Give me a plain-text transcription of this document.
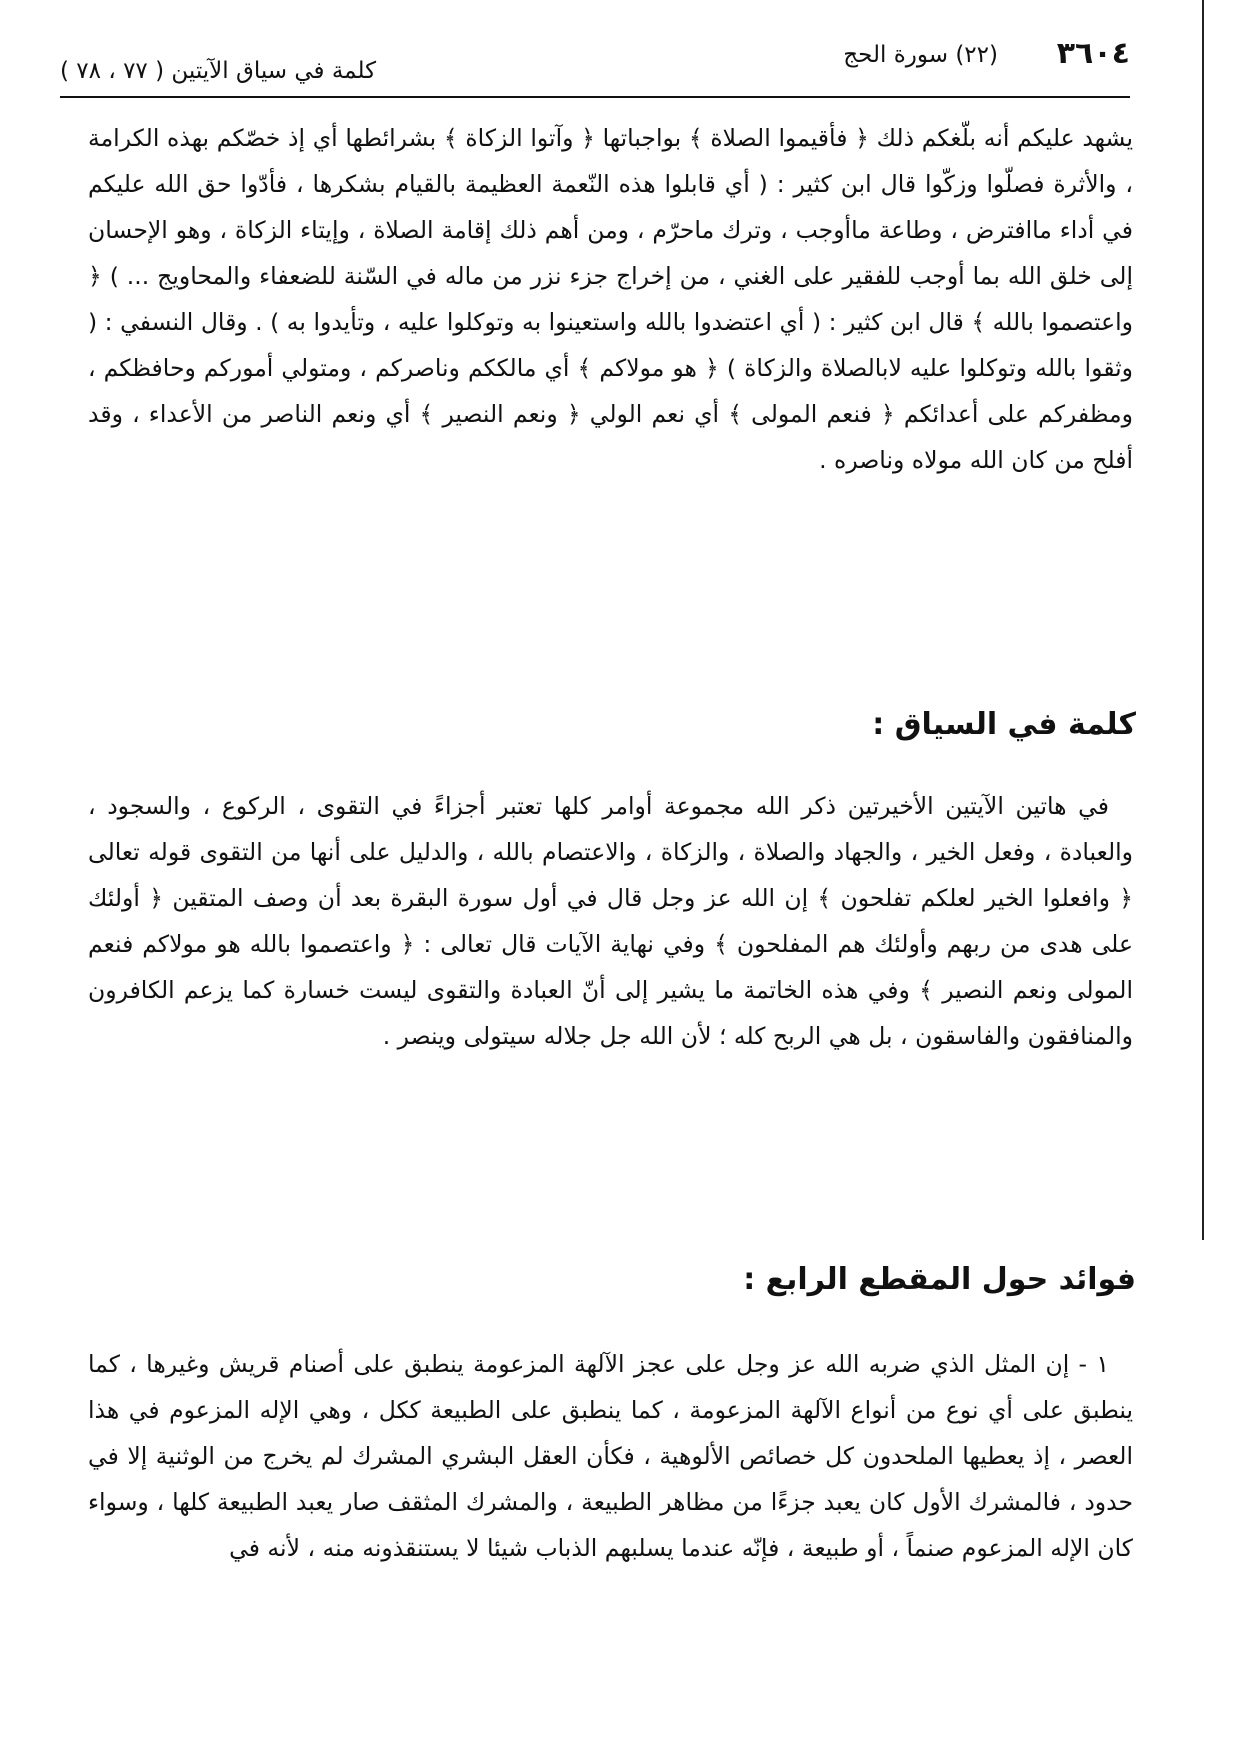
٣٦٠٤
(٢٢) سورة الحج
كلمة في سياق الآيتين ( ٧٧ ، ٧٨ )

يشهد عليكم أنه بلّغكم ذلك ﴿ فأقيموا الصلاة ﴾ بواجباتها ﴿ وآتوا الزكاة ﴾ بشرائطها أي إذ خصّكم بهذه الكرامة ، والأثرة فصلّوا وزكّوا قال ابن كثير : ( أي قابلوا هذه النّعمة العظيمة بالقيام بشكرها ، فأدّوا حق الله عليكم في أداء ماافترض ، وطاعة ماأوجب ، وترك ماحرّم ، ومن أهم ذلك إقامة الصلاة ، وإيتاء الزكاة ، وهو الإحسان إلى خلق الله بما أوجب للفقير على الغني ، من إخراج جزء نزر من ماله في السّنة للضعفاء والمحاويج ... ) ﴿ واعتصموا بالله ﴾ قال ابن كثير : ( أي اعتضدوا بالله واستعينوا به وتوكلوا عليه ، وتأيدوا به ) . وقال النسفي : ( وثقوا بالله وتوكلوا عليه لابالصلاة والزكاة ) ﴿ هو مولاكم ﴾ أي مالككم وناصركم ، ومتولي أموركم وحافظكم ، ومظفركم على أعدائكم ﴿ فنعم المولى ﴾ أي نعم الولي ﴿ ونعم النصير ﴾ أي ونعم الناصر من الأعداء ، وقد أفلح من كان الله مولاه وناصره .

كلمة في السياق :
في هاتين الآيتين الأخيرتين ذكر الله مجموعة أوامر كلها تعتبر أجزاءً في التقوى ، الركوع ، والسجود ، والعبادة ، وفعل الخير ، والجهاد والصلاة ، والزكاة ، والاعتصام بالله ، والدليل على أنها من التقوى قوله تعالى ﴿ وافعلوا الخير لعلكم تفلحون ﴾ إن الله عز وجل قال في أول سورة البقرة بعد أن وصف المتقين ﴿ أولئك على هدى من ربهم وأولئك هم المفلحون ﴾ وفي نهاية الآيات قال تعالى : ﴿ واعتصموا بالله هو مولاكم فنعم المولى ونعم النصير ﴾ وفي هذه الخاتمة ما يشير إلى أنّ العبادة والتقوى ليست خسارة كما يزعم الكافرون والمنافقون والفاسقون ، بل هي الربح كله ؛ لأن الله جل جلاله سيتولى وينصر .
فوائد حول المقطع الرابع :
١ - إن المثل الذي ضربه الله عز وجل على عجز الآلهة المزعومة ينطبق على أصنام قريش وغيرها ، كما ينطبق على أي نوع من أنواع الآلهة المزعومة ، كما ينطبق على الطبيعة ككل ، وهي الإله المزعوم في هذا العصر ، إذ يعطيها الملحدون كل خصائص الألوهية ، فكأن العقل البشري المشرك لم يخرج من الوثنية إلا في حدود ، فالمشرك الأول كان يعبد جزءًا من مظاهر الطبيعة ، والمشرك المثقف صار يعبد الطبيعة كلها ، وسواء كان الإله المزعوم صنماً ، أو طبيعة ، فإنّه عندما يسلبهم الذباب شيئا لا يستنقذونه منه ، لأنه في
